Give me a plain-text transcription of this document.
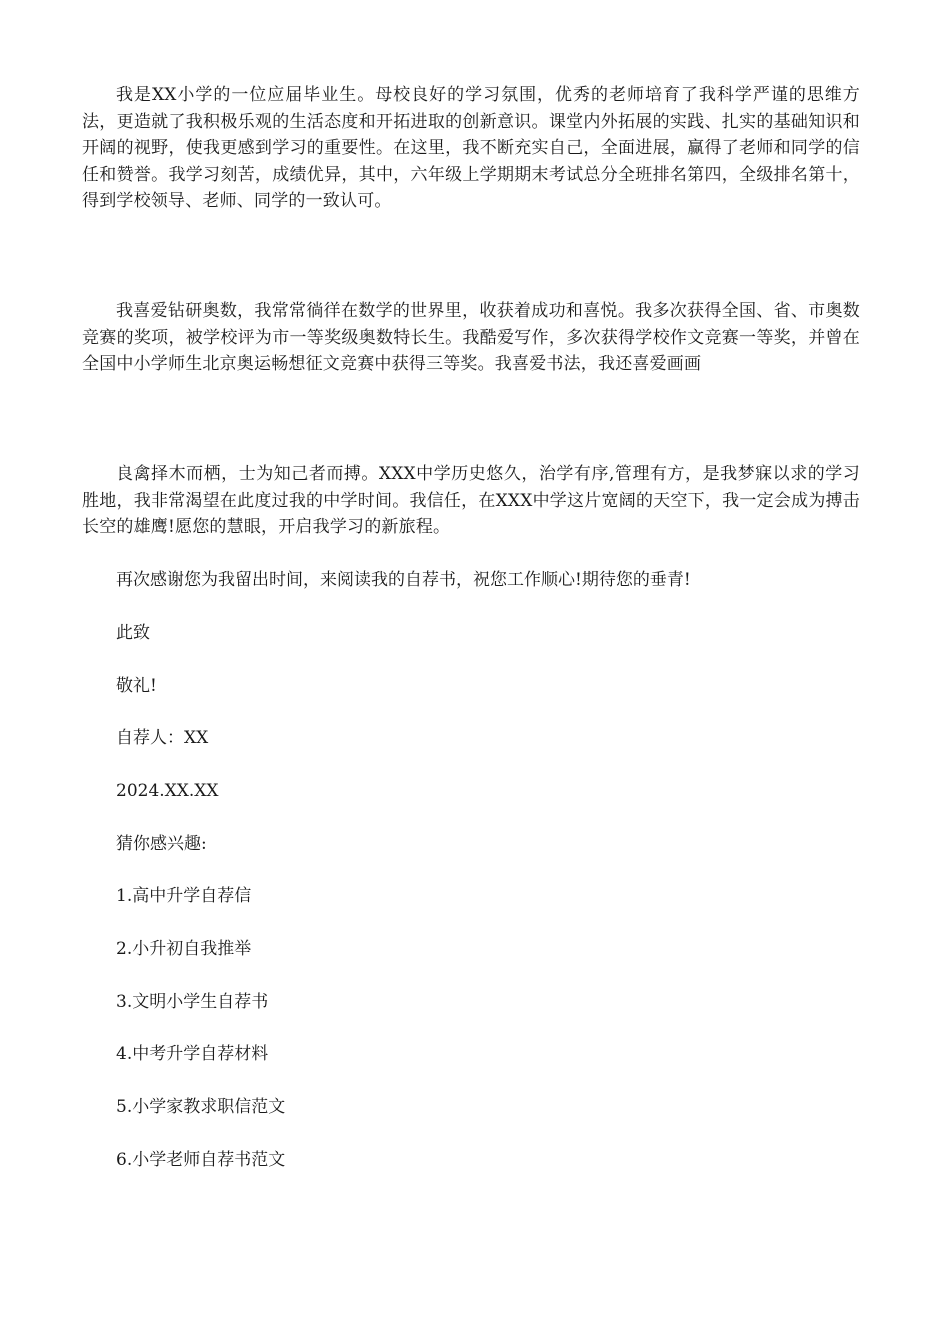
我是XX小学的一位应届毕业生。母校良好的学习氛围，优秀的老师培育了我科学严谨的思维方法，更造就了我积极乐观的生活态度和开拓进取的创新意识。课堂内外拓展的实践、扎实的基础知识和开阔的视野，使我更感到学习的重要性。在这里，我不断充实自己，全面进展，赢得了老师和同学的信任和赞誉。我学习刻苦，成绩优异，其中，六年级上学期期末考试总分全班排名第四，全级排名第十，得到学校领导、老师、同学的一致认可。

我喜爱钻研奥数，我常常徜徉在数学的世界里，收获着成功和喜悦。我多次获得全国、省、市奥数竞赛的奖项，被学校评为市一等奖级奥数特长生。我酷爱写作，多次获得学校作文竞赛一等奖，并曾在全国中小学师生北京奥运畅想征文竞赛中获得三等奖。我喜爱书法，我还喜爱画画

良禽择木而栖，士为知己者而搏。XXX中学历史悠久，治学有序,管理有方，是我梦寐以求的学习胜地，我非常渴望在此度过我的中学时间。我信任，在XXX中学这片宽阔的天空下，我一定会成为搏击长空的雄鹰!愿您的慧眼，开启我学习的新旅程。

再次感谢您为我留出时间，来阅读我的自荐书，祝您工作顺心!期待您的垂青!

此致

敬礼!

自荐人：XX

2024.XX.XX

猜你感兴趣:

1.高中升学自荐信

2.小升初自我推举

3.文明小学生自荐书

4.中考升学自荐材料

5.小学家教求职信范文

6.小学老师自荐书范文
